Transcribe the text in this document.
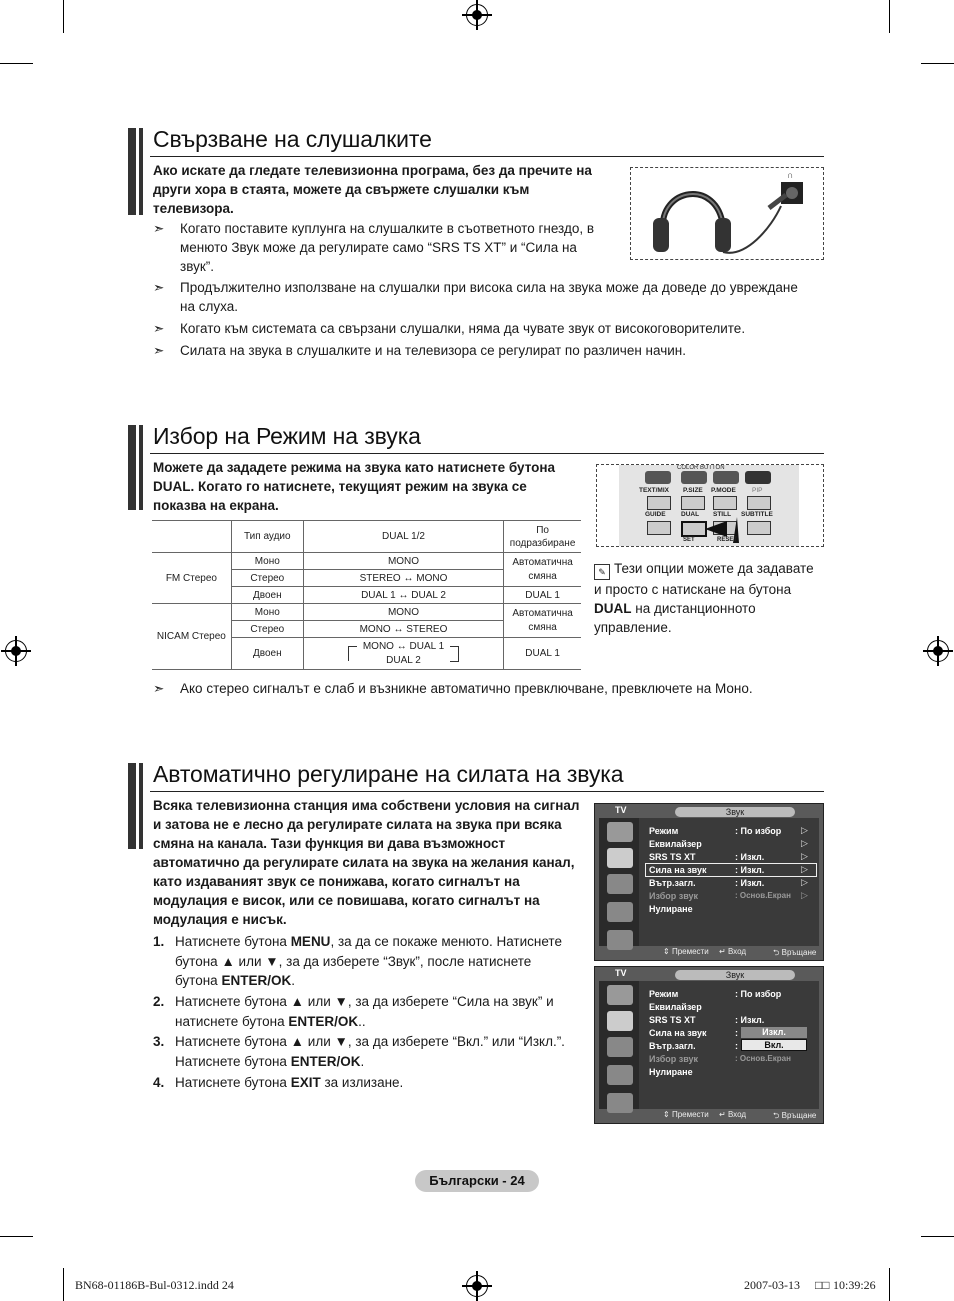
Свързване на слушалките
Ако искате да гледате телевизионна програма, без да пречите на други хора в стаята, можете да свържете слушалки към телевизора.
∩
➣	Когато поставите куплунга на слушалките в съответното гнездо, в менюто Звук може да регулирате само “SRS TS XT” и “Сила на звук”.
➣	Продължително използване на слушалки при висока сила на звука може да доведе до увреждане на слуха.
➣	Когато към системата са свързани слушалки, няма да чувате звук от високоговорителите.
➣	Силата на звука в слушалките и на телевизора се регулират по различен начин.
Избор на Режим на звука
Можете да зададете режима на звука като натиснете бутона DUAL. Когато го натиснете, текущият режим на звука се показва на екрана.
COLOR BUTTON
TEXT/MIX P.SIZE P.MODE PIP
GUIDE DUAL STILL SUBTITLE
SET	RESET
✎ Тези опции можете да задавате и просто с натискане на бутона DUAL на дистанционното управление.
	Тип аудио	DUAL 1/2	По подразбиране
FM Стерео	Моно	MONO	Автоматична смяна
	Стерео	STEREO ↔ MONO	
	Двоен	DUAL 1 ↔ DUAL 2	DUAL 1
NICAM Стерео	Моно	MONO	Автоматична смяна
	Стерео	MONO ↔ STEREO	
	Двоен	MONO ↔ DUAL 1
DUAL 2	DUAL 1
➣	Ако стерео сигналът е слаб и възникне автоматично превключване, превключете на Моно.
Автоматично регулиране на силата на звука
Всяка телевизионна станция има собствени условия на сигнал и затова не е лесно да регулирате силата на звука при всяка смяна на канала. Тази функция ви дава възможност автоматично да регулирате силата на звука на желания канал, като издаваният звук се понижава, когато сигналът на модулация е висок, или се повишава, когато сигналът на модулация е нисък.
1. Натиснете бутона MENU, за да се покаже менюто. Натиснете бутона ▲ или ▼, за да изберете “Звук”, после натиснете бутона ENTER/OK.
2. Натиснете бутона ▲ или ▼, за да изберете “Сила на звук” и натиснете бутона ENTER/OK..
3. Натиснете бутона ▲ или ▼, за да изберете “Вкл.” или “Изкл.”. Натиснете бутона ENTER/OK.
4. Натиснете бутона EXIT за излизане.
TV	Звук
Режим	: По избор ▷
Еквилайзер	▷
SRS TS XT	: Изкл.	▷
Сила на звук	: Изкл.	▷
Вътр.загл.	: Изкл.	▷
Избор звук	: Основ.Екран ▷
Нулиране
⇕ Премести ↵ Вход	⮌ Връщане
TV	Звук
Режим	: По избор
Еквилайзер
SRS TS XT	: Изкл.
Сила на звук	:
Вътр.загл.	:
Изкл.
Вкл.
Избор звук	: Основ.Екран
Нулиране
⇕ Премести ↵ Вход	⮌ Връщане
Български - 24
BN68-01186B-Bul-0312.indd 24	2007-03-13 □□ 10:39:26
